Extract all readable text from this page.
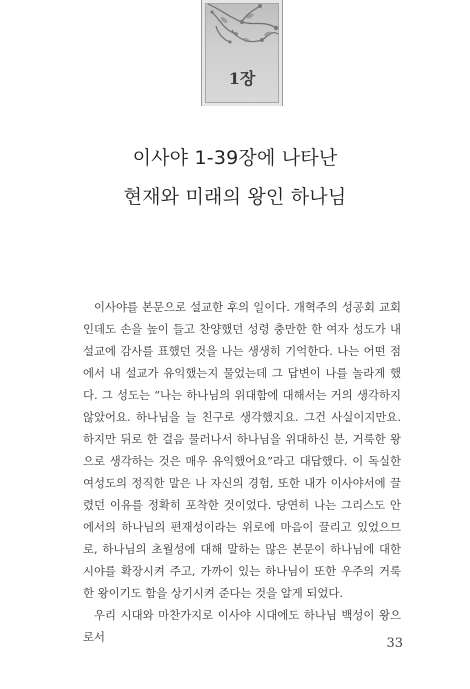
1장
이사야 1-39장에 나타난
현재와 미래의 왕인 하나님

이사야를 본문으로 설교한 후의 일이다. 개혁주의 성공회 교회인데도 손을 높이 들고 찬양했던 성령 충만한 한 여자 성도가 내 설교에 감사를 표했던 것을 나는 생생히 기억한다. 나는 어떤 점에서 내 설교가 유익했는지 물었는데 그 답변이 나를 놀라게 했다. 그 성도는 “나는 하나님의 위대함에 대해서는 거의 생각하지 않았어요. 하나님을 늘 친구로 생각했지요. 그건 사실이지만요. 하지만 뒤로 한 걸음 물러나서 하나님을 위대하신 분, 거룩한 왕으로 생각하는 것은 매우 유익했어요”라고 대답했다. 이 독실한 여성도의 정직한 말은 나 자신의 경험, 또한 내가 이사야서에 끌렸던 이유를 정확히 포착한 것이었다. 당연히 나는 그리스도 안에서의 하나님의 편재성이라는 위로에 마음이 끌리고 있었으므로, 하나님의 초월성에 대해 말하는 많은 본문이 하나님에 대한 시야를 확장시켜 주고, 가까이 있는 하나님이 또한 우주의 거룩한 왕이기도 함을 상기시켜 준다는 것을 알게 되었다.

우리 시대와 마찬가지로 이사야 시대에도 하나님 백성이 왕으로서	33
